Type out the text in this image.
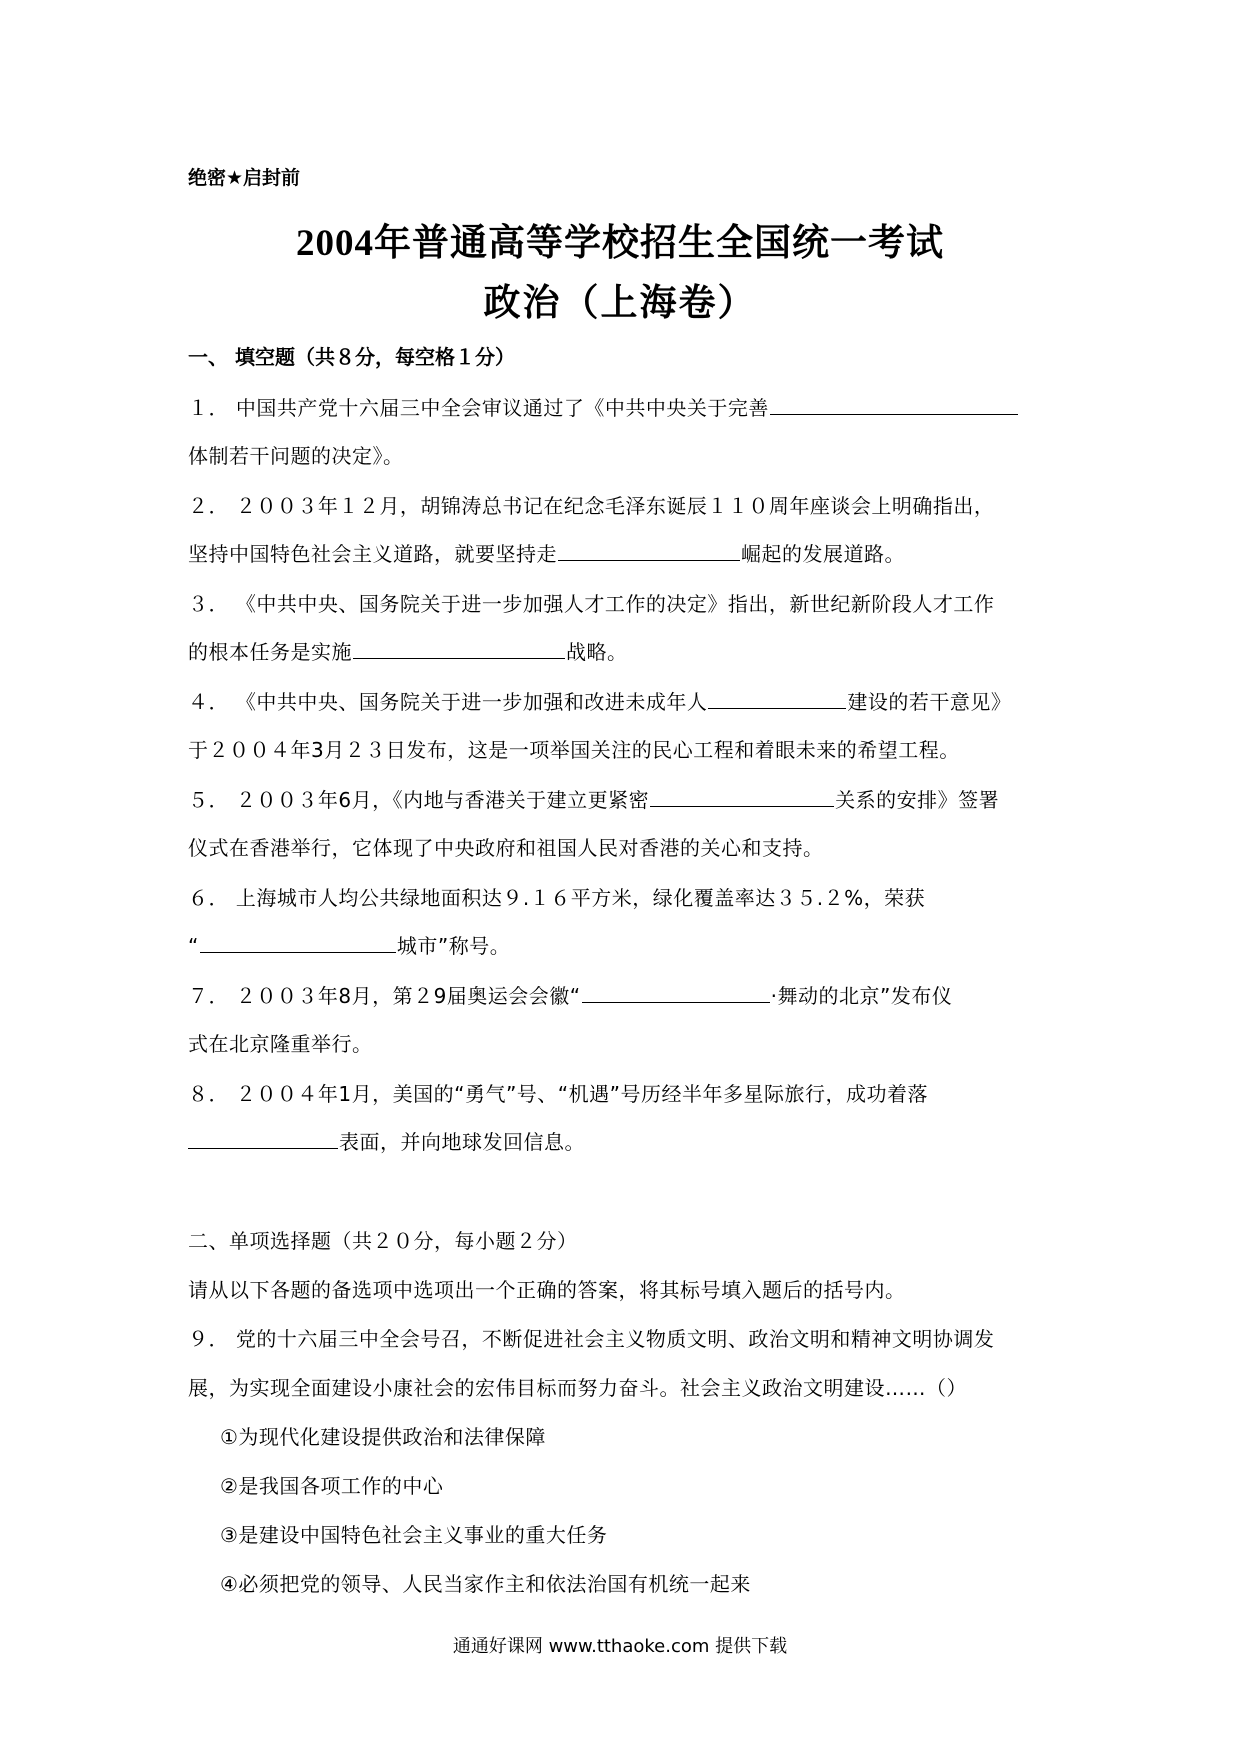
绝密★启封前
2004年普通高等学校招生全国统一考试
政治（上海卷）
一、 填空题（共８分，每空格１分）
１． 中国共产党十六届三中全会审议通过了《中共中央关于完善
体制若干问题的决定》。
２． ２００３年１２月，胡锦涛总书记在纪念毛泽东诞辰１１０周年座谈会上明确指出，
坚持中国特色社会主义道路，就要坚持走	崛起的发展道路。
３． 《中共中央、国务院关于进一步加强人才工作的决定》指出，新世纪新阶段人才工作
的根本任务是实施	战略。
４． 《中共中央、国务院关于进一步加强和改进未成年人	建设的若干意见》
于２００４年3月２３日发布，这是一项举国关注的民心工程和着眼未来的希望工程。
５． ２００３年6月，《内地与香港关于建立更紧密	关系的安排》签署
仪式在香港举行，它体现了中央政府和祖国人民对香港的关心和支持。
６． 上海城市人均公共绿地面积达９.１６平方米，绿化覆盖率达３５.２%，荣获
“	城市”称号。
７． ２００３年8月，第２9届奥运会会徽“	·舞动的北京”发布仪
式在北京隆重举行。
８． ２００４年1月，美国的“勇气”号、“机遇”号历经半年多星际旅行，成功着落
表面，并向地球发回信息。
二、单项选择题（共２０分，每小题２分）
请从以下各题的备选项中选项出一个正确的答案，将其标号填入题后的括号内。
９． 党的十六届三中全会号召，不断促进社会主义物质文明、政治文明和精神文明协调发
展，为实现全面建设小康社会的宏伟目标而努力奋斗。社会主义政治文明建设……（）
①为现代化建设提供政治和法律保障
②是我国各项工作的中心
③是建设中国特色社会主义事业的重大任务
④必须把党的领导、人民当家作主和依法治国有机统一起来
通通好课网 www.tthaoke.com 提供下载
